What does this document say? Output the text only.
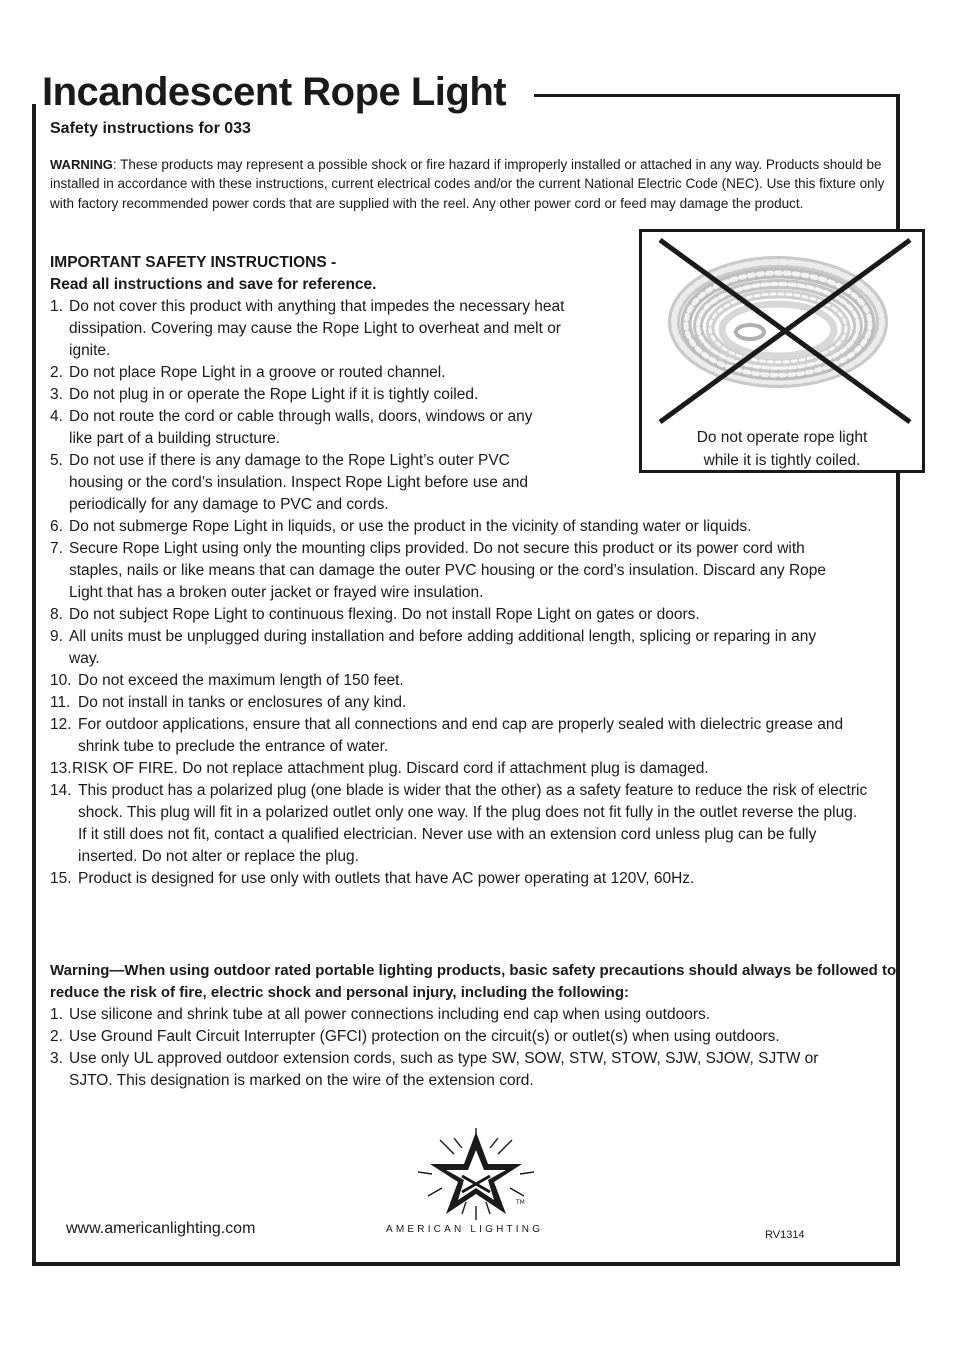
Incandescent Rope Light

Safety instructions for 033

WARNING: These products may represent a possible shock or fire hazard if improperly installed or attached in any way. Products should be installed in accordance with these instructions, current electrical codes and/or the current National Electric Code (NEC). Use this fixture only with factory recommended power cords that are supplied with the reel. Any other power cord or feed may damage the product.

IMPORTANT SAFETY INSTRUCTIONS -
Read all instructions and save for reference.
1. Do not cover this product with anything that impedes the necessary heat dissipation. Covering may cause the Rope Light to overheat and melt or ignite.
2. Do not place Rope Light in a groove or routed channel.
3. Do not plug in or operate the Rope Light if it is tightly coiled.
4. Do not route the cord or cable through walls, doors, windows or any like part of a building structure.
5. Do not use if there is any damage to the Rope Light’s outer PVC housing or the cord’s insulation. Inspect Rope Light before use and periodically for any damage to PVC and cords.
6. Do not submerge Rope Light in liquids, or use the product in the vicinity of standing water or liquids.
7. Secure Rope Light using only the mounting clips provided. Do not secure this product or its power cord with staples, nails or like means that can damage the outer PVC housing or the cord’s insulation. Discard any Rope Light that has a broken outer jacket or frayed wire insulation.
8. Do not subject Rope Light to continuous flexing. Do not install Rope Light on gates or doors.
9. All units must be unplugged during installation and before adding additional length, splicing or reparing in any way.
10. Do not exceed the maximum length of 150 feet.
11. Do not install in tanks or enclosures of any kind.
12. For outdoor applications, ensure that all connections and end cap are properly sealed with dielectric grease and shrink tube to preclude the entrance of water.
13. RISK OF FIRE. Do not replace attachment plug. Discard cord if attachment plug is damaged.
14. This product has a polarized plug (one blade is wider that the other) as a safety feature to reduce the risk of electric shock. This plug will fit in a polarized outlet only one way. If the plug does not fit fully in the outlet reverse the plug. If it still does not fit, contact a qualified electrician. Never use with an extension cord unless plug can be fully inserted. Do not alter or replace the plug.
15. Product is designed for use only with outlets that have AC power operating at 120V, 60Hz.

Do not operate rope light
while it is tightly coiled.

Warning—When using outdoor rated portable lighting products, basic safety precautions should always be followed to reduce the risk of fire, electric shock and personal injury, including the following:
1. Use silicone and shrink tube at all power connections including end cap when using outdoors.
2. Use Ground Fault Circuit Interrupter (GFCI) protection on the circuit(s) or outlet(s) when using outdoors.
3. Use only UL approved outdoor extension cords, such as type SW, SOW, STW, STOW, SJW, SJOW, SJTW or SJTO. This designation is marked on the wire of the extension cord.
TM

AMERICAN LIGHTING

www.americanlighting.com	RV1314
